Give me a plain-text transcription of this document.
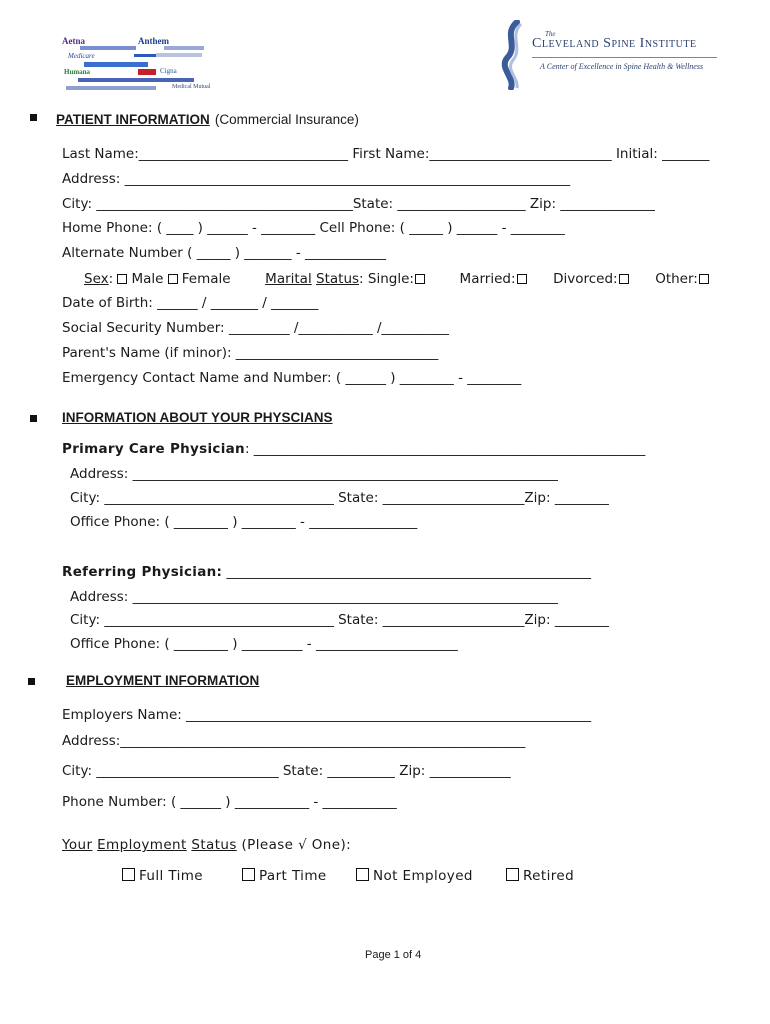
Aetna	Anthem
Medicare
Humana	Cigna
Medical Mutual
The
Cleveland Spine Institute
A Center of Excellence in Spine Health & Wellness
PATIENT INFORMATION (Commercial Insurance)
Last Name:_______________________________ First Name:___________________________ Initial: _______
Address: __________________________________________________________________
City: ______________________________________State: ___________________ Zip: ______________
Home Phone: ( ____ ) ______ - ________ Cell Phone: ( _____ ) ______ - ________
Alternate Number ( _____ ) _______ - ____________
Sex: Male Female	Marital Status: Single:	Married:	Divorced:	Other:
Date of Birth: ______ / _______ / _______
Social Security Number: _________ /___________ /__________
Parent's Name (if minor): ______________________________
Emergency Contact Name and Number: ( ______ ) ________ - ________
INFORMATION ABOUT YOUR PHYSCIANS
Primary Care Physician: __________________________________________________________
Address: _______________________________________________________________
City: __________________________________ State: _____________________Zip: ________
Office Phone: ( ________ ) ________ - ________________
Referring Physician: ______________________________________________________
Address: _______________________________________________________________
City: __________________________________ State: _____________________Zip: ________
Office Phone: ( ________ ) _________ - _____________________
EMPLOYMENT INFORMATION
Employers Name: ____________________________________________________________
Address:____________________________________________________________
City: ___________________________ State: __________ Zip: ____________
Phone Number: ( ______ ) ___________ - ___________
Your Employment Status (Please √ One):
Full Time	Part Time	Not Employed	Retired
Page 1 of 4
